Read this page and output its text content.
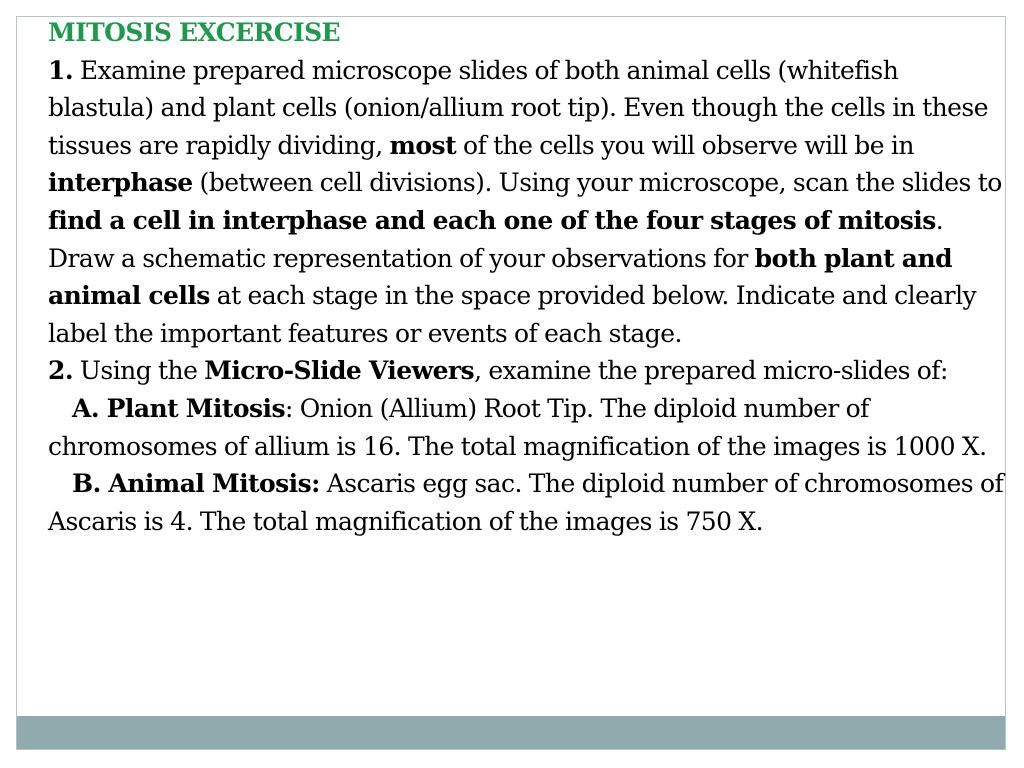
MITOSIS EXCERCISE
1. Examine prepared microscope slides of both animal cells (whitefish blastula) and plant cells (onion/allium root tip). Even though the cells in these tissues are rapidly dividing, most of the cells you will observe will be in interphase (between cell divisions). Using your microscope, scan the slides to find a cell in interphase and each one of the four stages of mitosis. Draw a schematic representation of your observations for both plant and animal cells at each stage in the space provided below. Indicate and clearly label the important features or events of each stage.
2. Using the Micro-Slide Viewers, examine the prepared micro-slides of:
A. Plant Mitosis: Onion (Allium) Root Tip. The diploid number of chromosomes of allium is 16. The total magnification of the images is 1000 X.
B. Animal Mitosis: Ascaris egg sac. The diploid number of chromosomes of Ascaris is 4. The total magnification of the images is 750 X.
